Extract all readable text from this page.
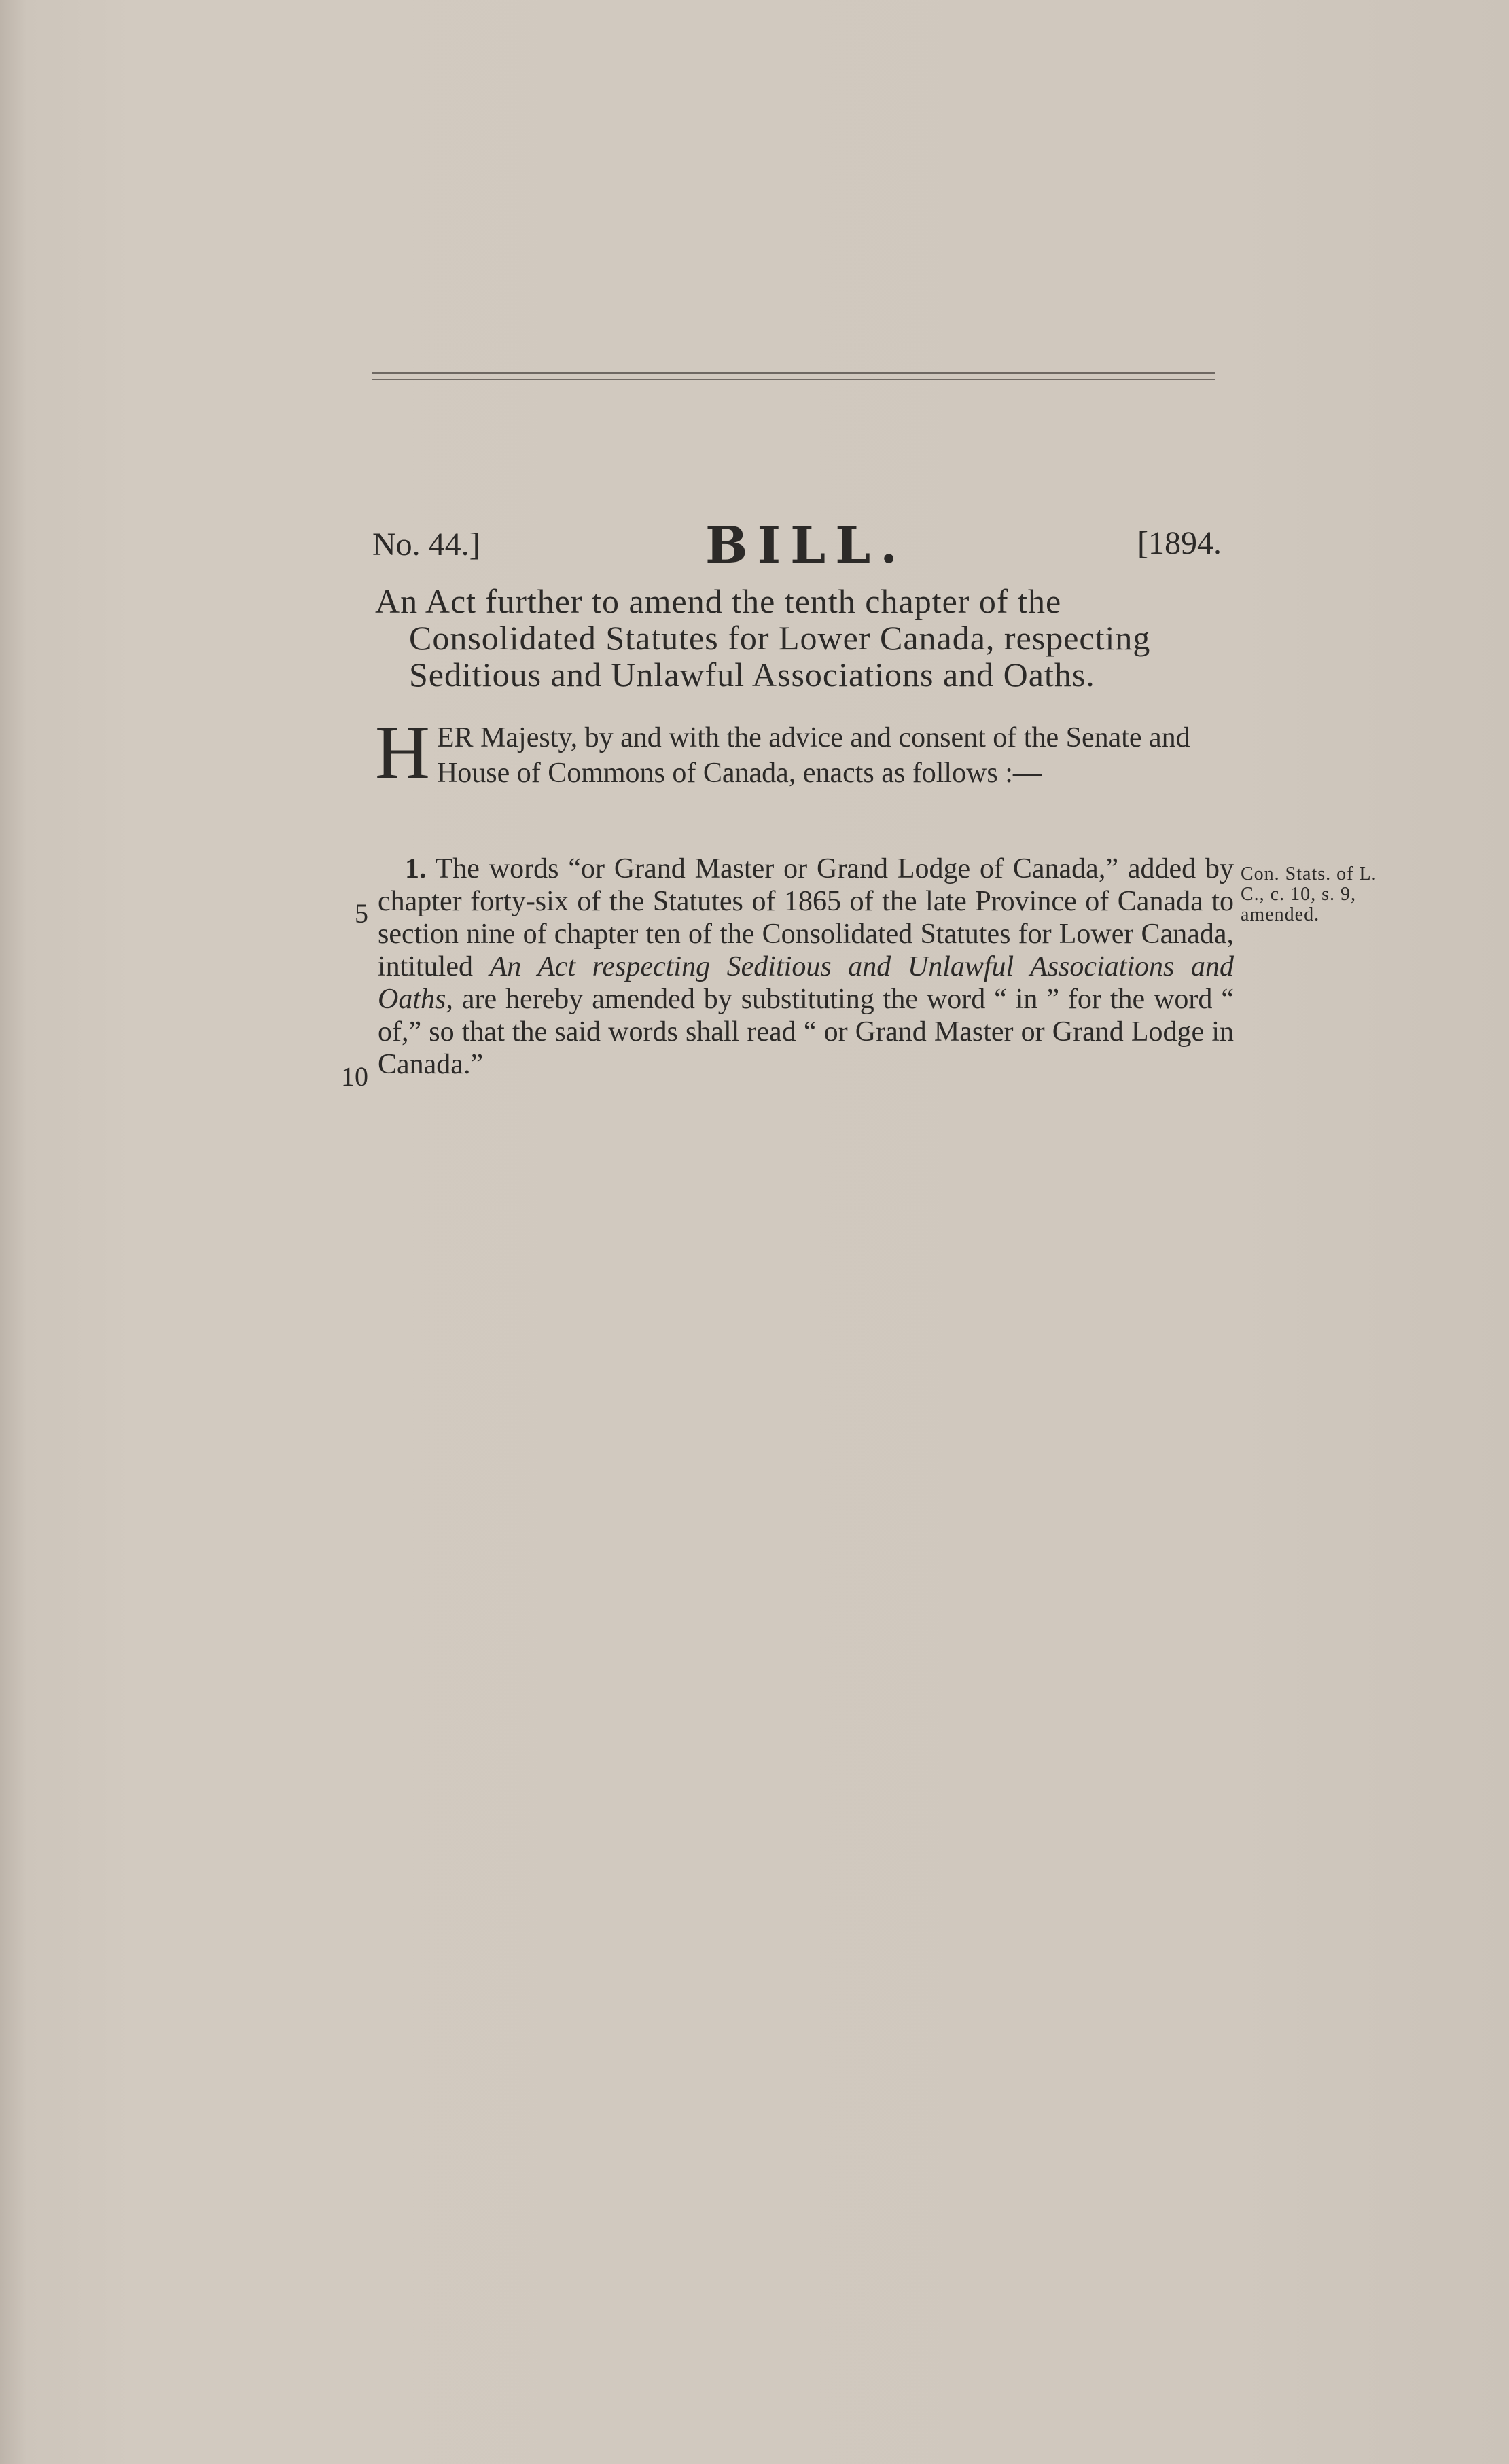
No. 44.]	BILL.	[1894.
An Act further to amend the tenth chapter of the
Consolidated Statutes for Lower Canada, respecting
Seditious and Unlawful Associations and Oaths.
H ER Majesty, by and with the advice and consent of the Senate and House of Commons of Canada, enacts as follows :—
5
10

1. The words “or Grand Master or Grand Lodge of Canada,” added by chapter forty-six of the Statutes of 1865 of the late Province of Canada to section nine of chapter ten of the Consolidated Statutes for Lower Canada, intituled An Act respecting Seditious and Unlawful Associations and Oaths, are hereby amended by substituting the word “ in ” for the word “ of,” so that the said words shall read “ or Grand Master or Grand Lodge in Canada.”

Con. Stats. of L. C., c. 10, s. 9, amended.
